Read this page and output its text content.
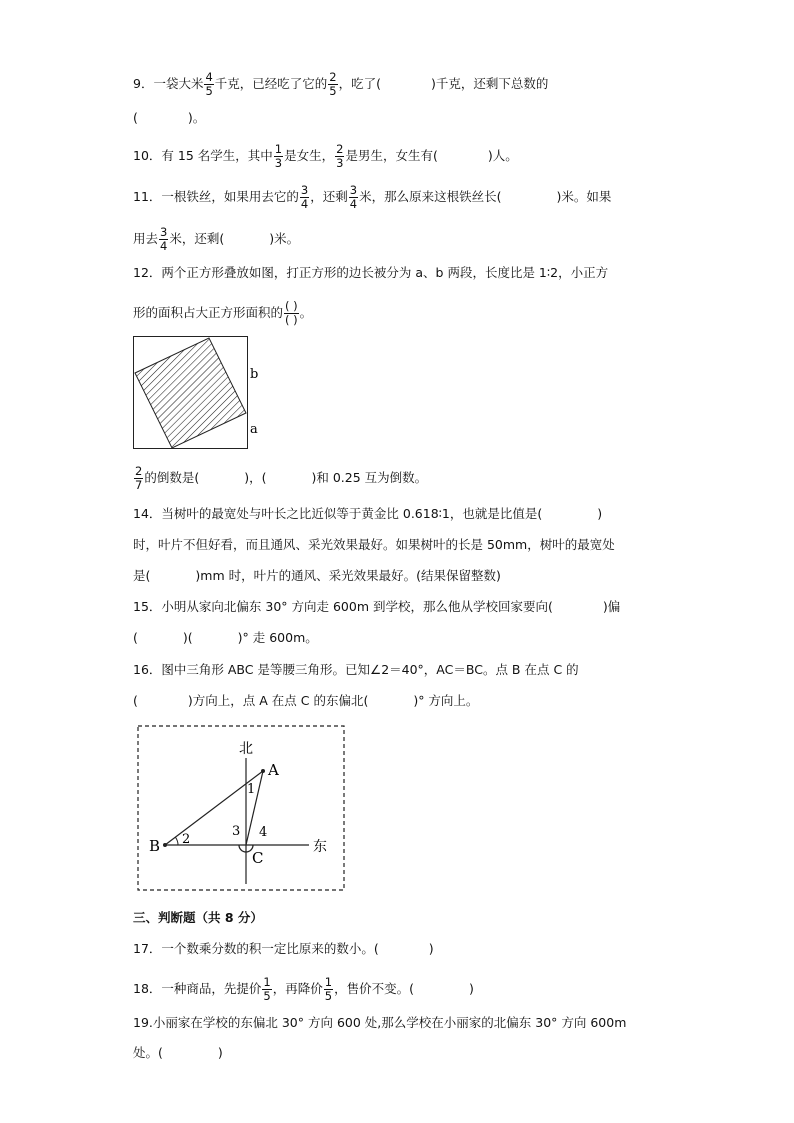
9．一袋大米 $\frac{4}{5}$ 千克，已经吃了它的 $\frac{2}{5}$ ，吃了(	)千克，还剩下总数的
(	)。
10．有 15 名学生，其中 $\frac{1}{3}$ 是女生， $\frac{2}{3}$ 是男生，女生有(	)人。
11．一根铁丝，如果用去它的 $\frac{3}{4}$ ，还剩 $\frac{3}{4}$ 米，那么原来这根铁丝长(	)米。如果
用去 $\frac{3}{4}$ 米，还剩(	)米。
12．两个正方形叠放如图，打正方形的边长被分为 a、b 两段，长度比是 1∶2，小正方
形的面积占大正方形面积的 $\frac{( )}{( )}$ 。
b
a
$\frac{2}{7}$ 的倒数是(	)，(	)和 0.25 互为倒数。
14．当树叶的最宽处与叶长之比近似等于黄金比 0.618∶1，也就是比值是(	)
时，叶片不但好看，而且通风、采光效果最好。如果树叶的长是 50mm，树叶的最宽处
是(	)mm 时，叶片的通风、采光效果最好。(结果保留整数)
15．小明从家向北偏东 30° 方向走 600m 到学校，那么他从学校回家要向(	)偏
(	)(	)° 走 600m。
16．图中三角形 ABC 是等腰三角形。已知∠2＝40°，AC＝BC。点 B 在点 C 的
(	)方向上，点 A 在点 C 的东偏北(	)° 方向上。
北
东
A
B
C
1
2
3 4
三、判断题（共 8 分）
17．一个数乘分数的积一定比原来的数小。(	)
18．一种商品，先提价 $\frac{1}{5}$ ，再降价 $\frac{1}{5}$ ，售价不变。(	)
19.小丽家在学校的东偏北 30° 方向 600 处,那么学校在小丽家的北偏东 30° 方向 600m
处。(	)
